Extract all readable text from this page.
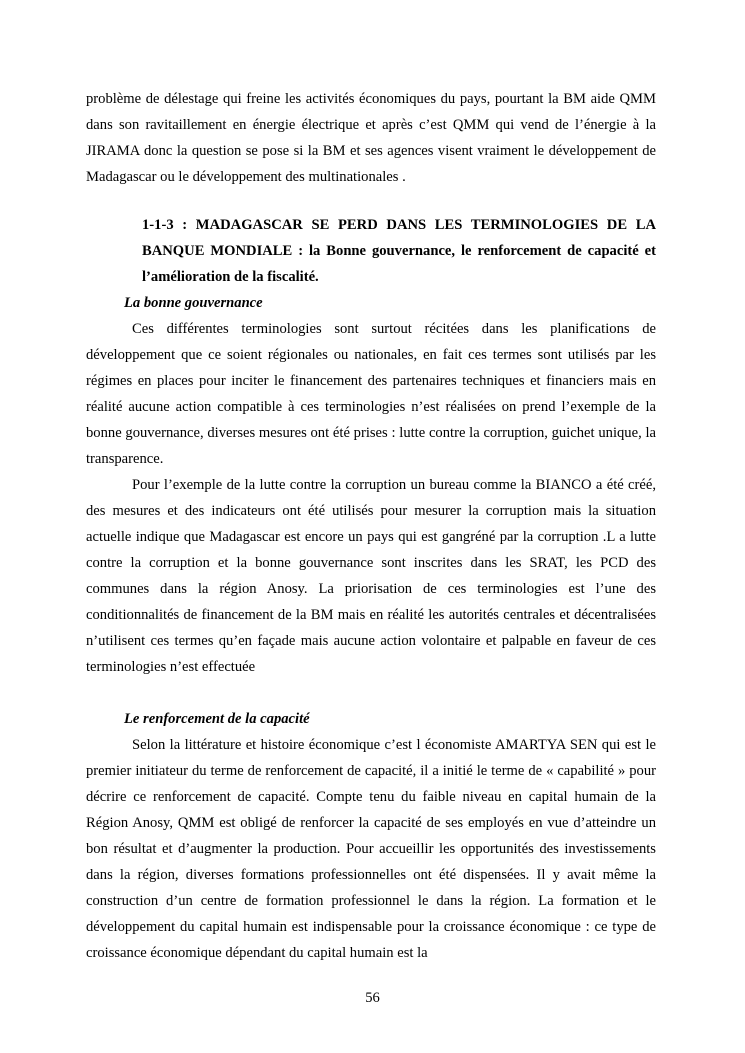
problème de délestage qui freine les activités économiques du pays, pourtant la BM aide QMM dans son ravitaillement en énergie électrique et après c’est QMM qui vend de l’énergie à la JIRAMA donc la question se pose si la BM et ses agences visent vraiment le développement de Madagascar ou le développement des multinationales .

1-1-3 : MADAGASCAR SE PERD DANS LES TERMINOLOGIES DE LA BANQUE MONDIALE : la Bonne gouvernance, le renforcement de capacité et l’amélioration de la fiscalité.
La bonne gouvernance

Ces différentes terminologies sont surtout récitées dans les planifications de développement que ce soient régionales ou nationales, en fait ces termes sont utilisés par les régimes en places pour inciter le financement des partenaires techniques et financiers mais en réalité aucune action compatible à ces terminologies n’est réalisées on prend l’exemple de la bonne gouvernance, diverses mesures ont été prises : lutte contre la corruption, guichet unique, la transparence.

Pour l’exemple de la lutte contre la corruption un bureau comme la BIANCO a été créé, des mesures et des indicateurs ont été utilisés pour mesurer la corruption mais la situation actuelle indique que Madagascar est encore un pays qui est gangréné par la corruption .L a lutte contre la corruption et la bonne gouvernance sont inscrites dans les SRAT, les PCD des communes dans la région Anosy. La priorisation de ces terminologies est l’une des conditionnalités de financement de la BM mais en réalité les autorités centrales et décentralisées n’utilisent ces termes qu’en façade mais aucune action volontaire et palpable en faveur de ces terminologies n’est effectuée

Le renforcement de la capacité

Selon la littérature et histoire économique c’est l économiste AMARTYA SEN qui est le premier initiateur du terme de renforcement de capacité, il a initié le terme de « capabilité » pour décrire ce renforcement de capacité. Compte tenu du faible niveau en capital humain de la Région Anosy, QMM est obligé de renforcer la capacité de ses employés en vue d’atteindre un bon résultat et d’augmenter la production. Pour accueillir les opportunités des investissements dans la région, diverses formations professionnelles ont été dispensées. Il y avait même la construction d’un centre de formation professionnel le dans la région. La formation et le développement du capital humain est indispensable pour la croissance économique : ce type de croissance économique dépendant du capital humain est la

56
